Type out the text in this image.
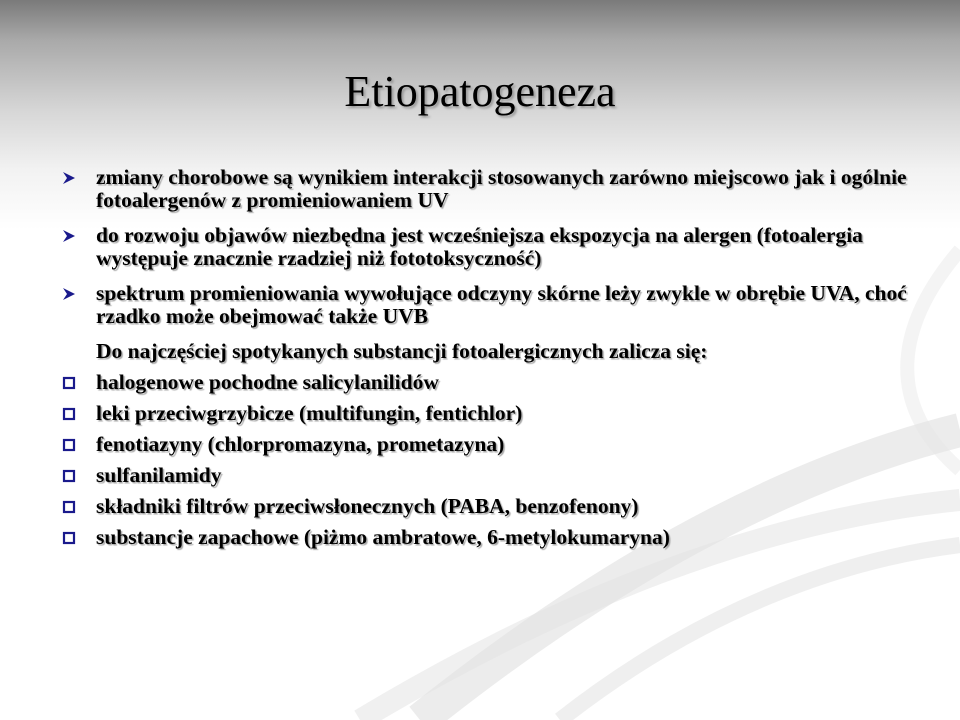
Etiopatogeneza
zmiany chorobowe są wynikiem interakcji stosowanych zarówno miejscowo jak i ogólnie fotoalergenów z promieniowaniem UV
do rozwoju objawów niezbędna jest wcześniejsza ekspozycja na alergen (fotoalergia występuje znacznie rzadziej niż fototoksyczność)
spektrum promieniowania wywołujące odczyny skórne leży zwykle w obrębie UVA, choć rzadko może obejmować także UVB
Do najczęściej spotykanych substancji fotoalergicznych zalicza się:
halogenowe pochodne salicylanilidów
leki przeciwgrzybicze (multifungin, fentichlor)
fenotiazyny (chlorpromazyna, prometazyna)
sulfanilamidy
składniki filtrów przeciwsłonecznych (PABA, benzofenony)
substancje zapachowe (piżmo ambratowe, 6-metylokumaryna)
